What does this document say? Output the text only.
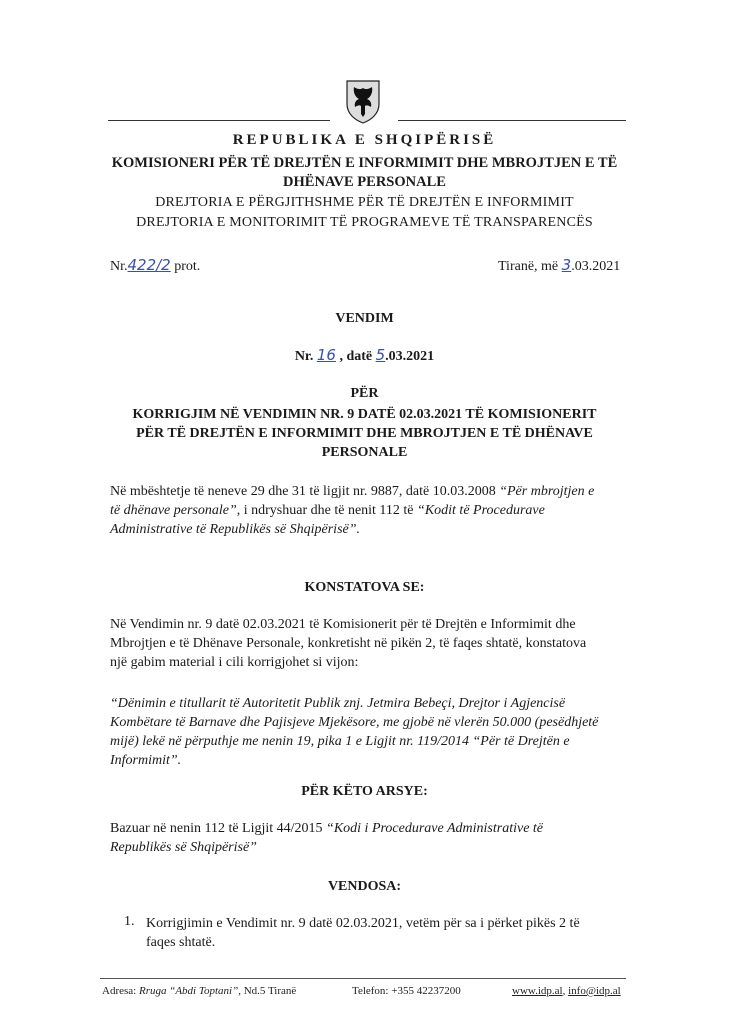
REPUBLIKA E SHQIPËRISË
KOMISIONERI PËR TË DREJTËN E INFORMIMIT DHE MBROJTJEN E TË
DHËNAVE PERSONALE
DREJTORIA E PËRGJITHSHME PËR TË DREJTËN E INFORMIMIT
DREJTORIA E MONITORIMIT TË PROGRAMEVE TË TRANSPARENCËS
Nr.422/2 prot.	Tiranë, më 3.03.2021
VENDIM
Nr. 16 , datë 5.03.2021
PËR
KORRIGJIM NË VENDIMIN NR. 9 DATË 02.03.2021 TË KOMISIONERIT
PËR TË DREJTËN E INFORMIMIT DHE MBROJTJEN E TË DHËNAVE
PERSONALE
Në mbështetje të neneve 29 dhe 31 të ligjit nr. 9887, datë 10.03.2008 “Për mbrojtjen e
të dhënave personale”, i ndryshuar dhe të nenit 112 të “Kodit të Procedurave
Administrative të Republikës së Shqipërisë”.
KONSTATOVA SE:
Në Vendimin nr. 9 datë 02.03.2021 të Komisionerit për të Drejtën e Informimit dhe
Mbrojtjen e të Dhënave Personale, konkretisht në pikën 2, të faqes shtatë, konstatova
një gabim material i cili korrigjohet si vijon:
“Dënimin e titullarit të Autoritetit Publik znj. Jetmira Bebeçi, Drejtor i Agjencisë
Kombëtare të Barnave dhe Pajisjeve Mjekësore, me gjobë në vlerën 50.000 (pesëdhjetë
mijë) lekë në përputhje me nenin 19, pika 1 e Ligjit nr. 119/2014 “Për të Drejtën e
Informimit”.
PËR KËTO ARSYE:
Bazuar në nenin 112 të Ligjit 44/2015 “Kodi i Procedurave Administrative të
Republikës së Shqipërisë”
VENDOSA:
1. Korrigjimin e Vendimit nr. 9 datë 02.03.2021, vetëm për sa i përket pikës 2 të
faqes shtatë.
Adresa: Rruga “Abdi Toptani”, Nd.5 Tiranë	Telefon: +355 42237200	www.idp.al, info@idp.al
